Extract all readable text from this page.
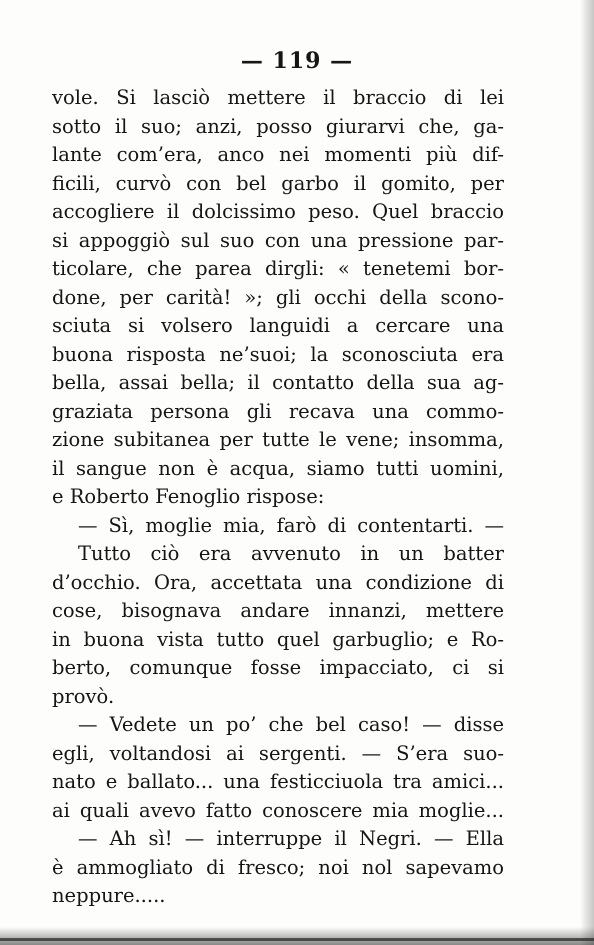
— 119 —
vole. Si lasciò mettere il braccio di lei
sotto il suo; anzi, posso giurarvi che, ga-
lante com’era, anco nei momenti più dif-
ficili, curvò con bel garbo il gomito, per
accogliere il dolcissimo peso. Quel braccio
si appoggiò sul suo con una pressione par-
ticolare, che parea dirgli: « tenetemi bor-
done, per carità! »; gli occhi della scono-
sciuta si volsero languidi a cercare una
buona risposta ne’suoi; la sconosciuta era
bella, assai bella; il contatto della sua ag-
graziata persona gli recava una commo-
zione subitanea per tutte le vene; insomma,
il sangue non è acqua, siamo tutti uomini,
e Roberto Fenoglio rispose:
— Sì, moglie mia, farò di contentarti. —
Tutto ciò era avvenuto in un batter
d’occhio. Ora, accettata una condizione di
cose, bisognava andare innanzi, mettere
in buona vista tutto quel garbuglio; e Ro-
berto, comunque fosse impacciato, ci si
provò.
— Vedete un po’ che bel caso! — disse
egli, voltandosi ai sergenti. — S’era suo-
nato e ballato... una festicciuola tra amici...
ai quali avevo fatto conoscere mia moglie...
— Ah sì! — interruppe il Negri. — Ella
è ammogliato di fresco; noi nol sapevamo
neppure.....
